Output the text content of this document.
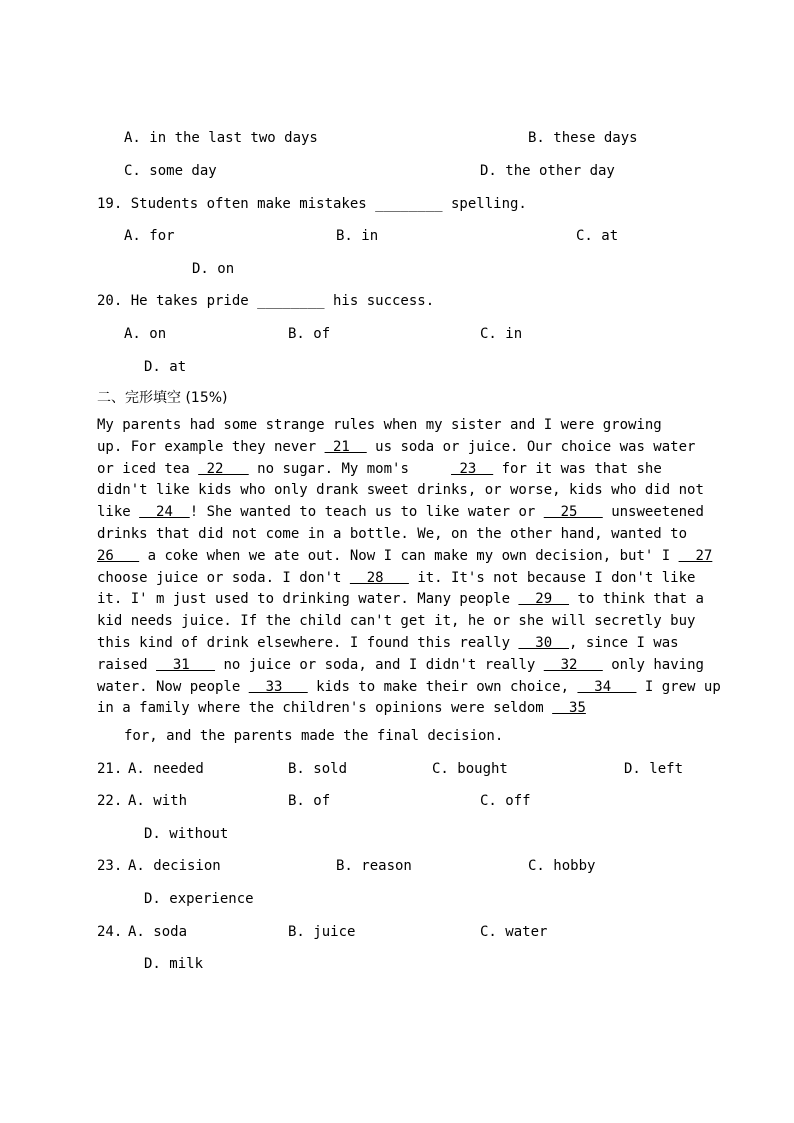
A. in the last two days	B. these days
C. some day	D. the other day
19. Students often make mistakes ________ spelling.
A. for	B. in	C. at
D. on
20. He takes pride ________ his success.
A. on	B. of	C. in
D. at
二、完形填空 (15%)
My parents had some strange rules when my sister and I were growing
up. For example they never  21   us soda or juice. Our choice was water
or iced tea  22    no sugar. My mom's      23   for it was that she
didn't like kids who only drank sweet drinks, or worse, kids who did not
like   24  ! She wanted to teach us to like water or   25    unsweetened
drinks that did not come in a bottle. We, on the other hand, wanted to
26    a coke when we ate out. Now I can make my own decision, but' I   27
choose juice or soda. I don't   28    it. It's not because I don't like
it. I' m just used to drinking water. Many people   29   to think that a
kid needs juice. If the child can't get it, he or she will secretly buy
this kind of drink elsewhere. I found this really   30  , since I was
raised   31    no juice or soda, and I didn't really   32    only having
water. Now people   33    kids to make their own choice,   34    I grew up
in a family where the children's opinions were seldom   35
for, and the parents made the final decision.
21. A. needed	B. sold	C. bought	D. left
22. A. with	B. of	C. off
D. without
23. A. decision	B. reason	C. hobby
D. experience
24. A. soda	B. juice	C. water
D. milk
